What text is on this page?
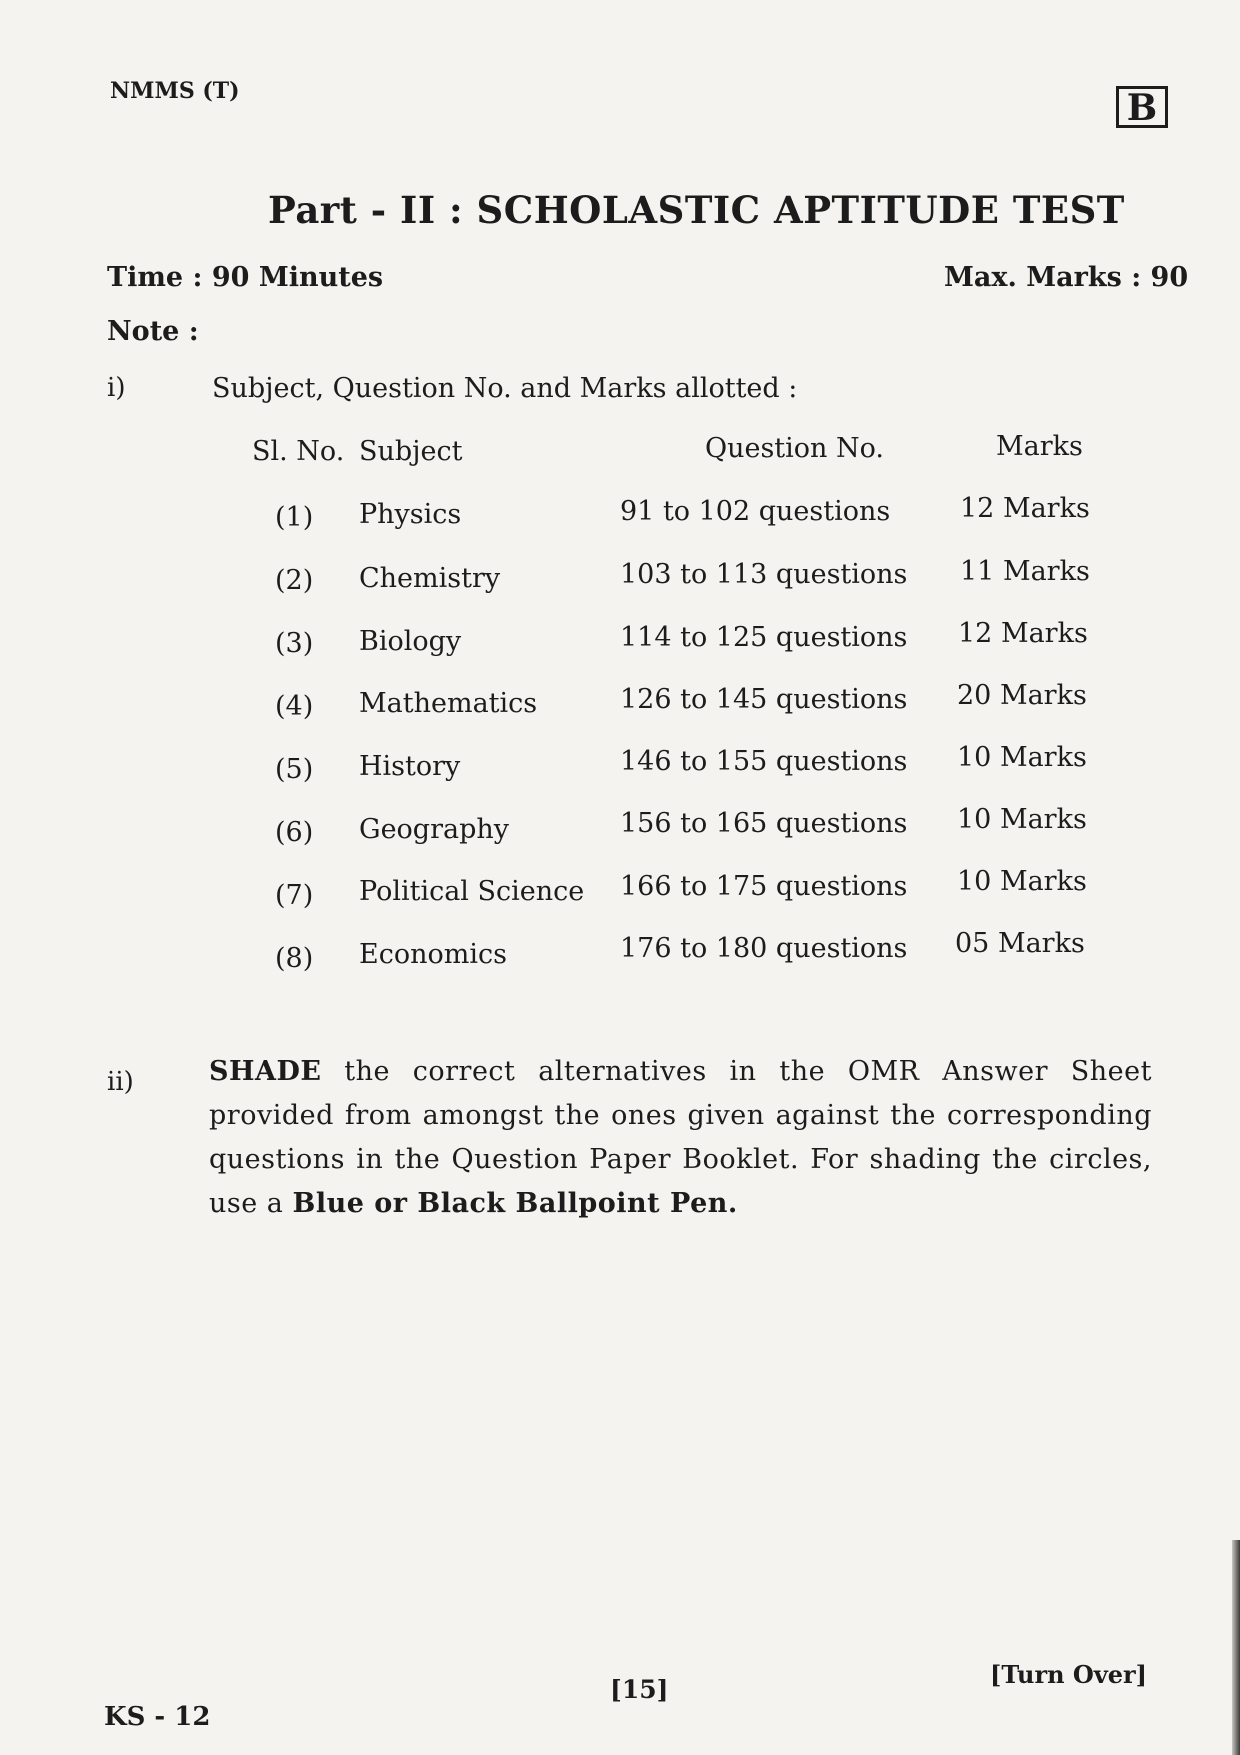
NMMS (T)	B
Part - II : SCHOLASTIC APTITUDE TEST
Time : 90 Minutes	Max. Marks : 90
Note :
i)	Subject, Question No. and Marks allotted :
Sl. No. Subject	Question No.	Marks
(1) Physics	91 to 102 questions	12 Marks
(2) Chemistry	103 to 113 questions 11 Marks
(3) Biology	114 to 125 questions 12 Marks
(4) Mathematics	126 to 145 questions 20 Marks
(5) History	146 to 155 questions 10 Marks
(6) Geography	156 to 165 questions 10 Marks
(7) Political Science 166 to 175 questions 10 Marks
(8) Economics	176 to 180 questions 05 Marks
ii)	SHADE the correct alternatives in the OMR Answer Sheet provided from amongst the ones given against the corresponding questions in the Question Paper Booklet. For shading the circles, use a Blue or Black Ballpoint Pen.
[15]
[Turn Over]
KS - 12
